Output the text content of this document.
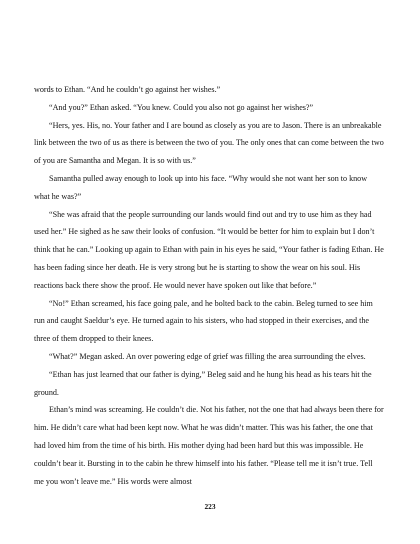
words to Ethan. “And he couldn’t go against her wishes.”

“And you?” Ethan asked. “You knew. Could you also not go against her wishes?”

“Hers, yes. His, no. Your father and I are bound as closely as you are to Jason. There is an unbreakable link between the two of us as there is between the two of you. The only ones that can come between the two of you are Samantha and Megan. It is so with us.”

Samantha pulled away enough to look up into his face. “Why would she not want her son to know what he was?”

“She was afraid that the people surrounding our lands would find out and try to use him as they had used her.” He sighed as he saw their looks of confusion. “It would be better for him to explain but I don’t think that he can.” Looking up again to Ethan with pain in his eyes he said, “Your father is fading Ethan. He has been fading since her death. He is very strong but he is starting to show the wear on his soul. His reactions back there show the proof. He would never have spoken out like that before.”

“No!” Ethan screamed, his face going pale, and he bolted back to the cabin. Beleg turned to see him run and caught Saeldur’s eye. He turned again to his sisters, who had stopped in their exercises, and the three of them dropped to their knees.

“What?” Megan asked. An over powering edge of grief was filling the area surrounding the elves.

“Ethan has just learned that our father is dying,” Beleg said and he hung his head as his tears hit the ground.

Ethan’s mind was screaming. He couldn’t die. Not his father, not the one that had always been there for him. He didn’t care what had been kept now. What he was didn’t matter. This was his father, the one that had loved him from the time of his birth. His mother dying had been hard but this was impossible. He couldn’t bear it. Bursting in to the cabin he threw himself into his father. “Please tell me it isn’t true. Tell me you won’t leave me.” His words were almost

223
